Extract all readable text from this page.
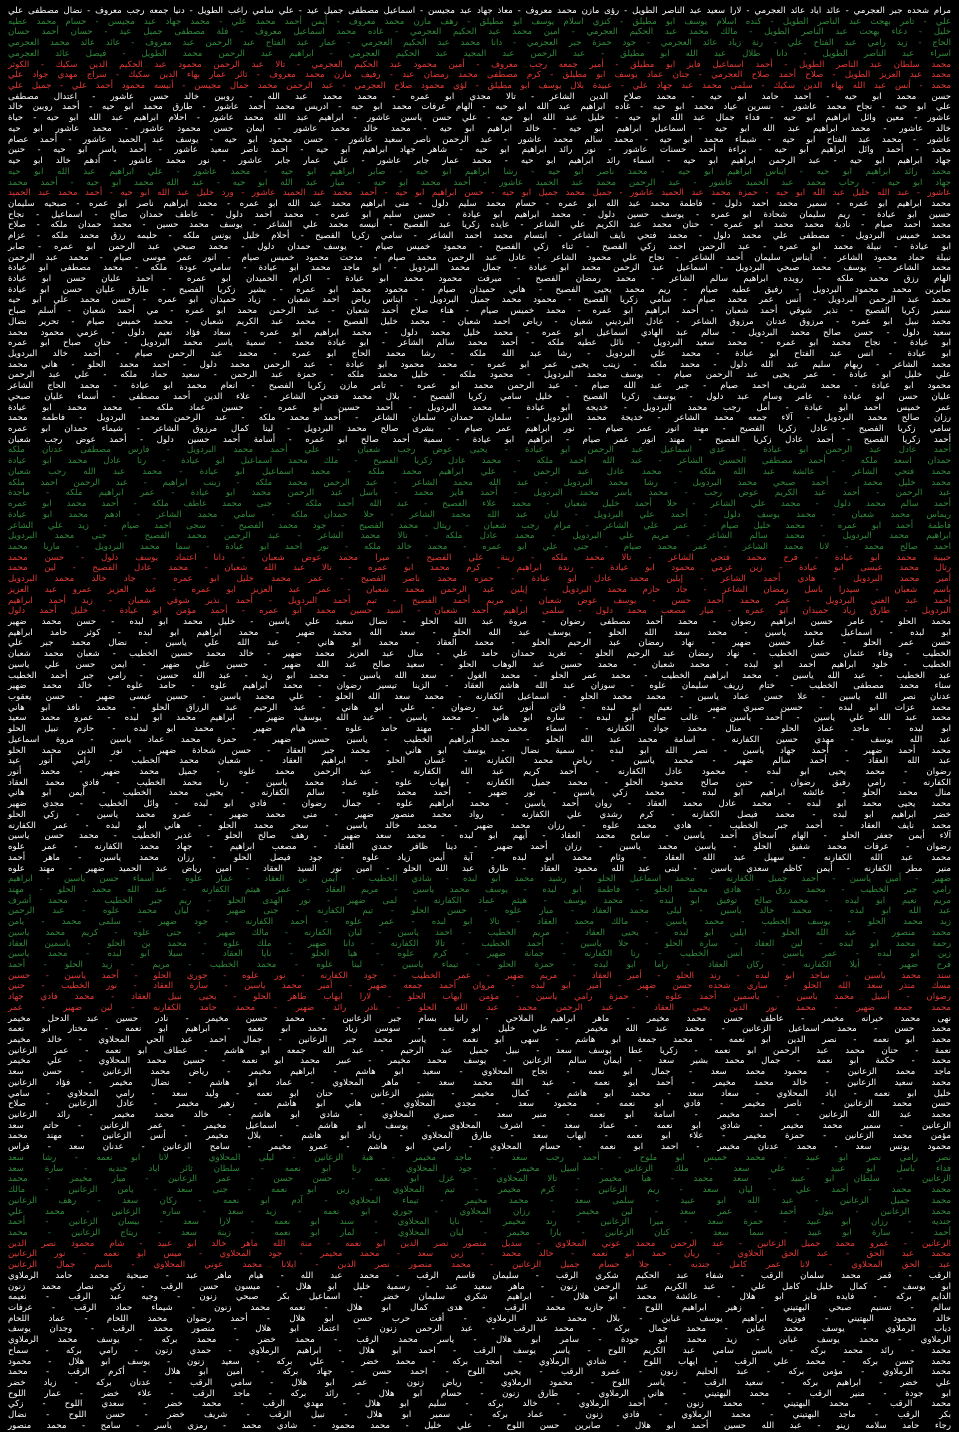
مرام شحده جبر العجرمي - عائد اياد عائد العجرمي - لارا سعيد عبد الناصر الطويل - رؤى مازن محمد معروف - معاذ جهاد عبد مجيسن - اسماعيل مصطفى جميل عيد - علي سامي راغب الطويل - دنيا جمعه رجب معروف - نضال مصطفى علي
علي - تامر بهجت عبد الناصر الطويل - كنده اسلام يوسف ابو مطيلق - كنزي اسلام يوسف ابو مطيلق - رهف مازن محمد معروف - أيمن أحمد محمد علي - محمد جهاد عبد مجيسن - حسام محمد عطيه
خليل - دعاء بهجت عبد الناصر الطويل - مالك محمد عبد الحكيم العجرمي - امين محمد عبد الحكيم العجرمي - غاده محمد اسماعيل معروف - فلة مصطفى جميل عيد - حسان أحمد حسان
الحاج - زيد رامي عبد الفتاح علي - رنة زياد عائد العجرمي - جود حمزة جبر العجرمي - دانا محمد عبد الحكيم العجرمي - عمار عبد الفتاح عبد الرحمن عبد معروف - عائد عائد محمد العجرمي
اسراء عبد الناصر الطويل - دانا طلال عبد الله ابو مطيلق - عبد الرحمن عبد المجيد عبد الحكيم العجرمي - ابراهيم عبد الرحمن محمد الطويل - فيصل عائد العجرمي
محمد سلطان عبد الناصر الطويل - أحمد اسماعيل فايز ابو مطيلق - أمير جمعه رجب معروف - أمين محمود عبد الحكيم العجرمي - تالا عبد الرحمن محمود عبد الحكيم الدين سكيك - الكوثر
محمد عبد العزيز الطويل - صلاح أحمد صلاح العجرمي - جنان عماد يوسف ابو مطيلق - كرم مصطفى محمد رمضان عيد - رفيف مازن محمد معروف - ثائر عمار بهاء الدين سكيك - سراج مهدي جواد علي
محمد - أنس عبد الله بهاء الدين سكيك - سلمى محمد عبد جهاد علي - عبيدة بلال يوسف ابو مطيلق - لؤي محمود صلاح العجرمي - عبد الرحمن محمد جمال مجيسن - أنيسه محمود أحمد علي - جميل علي
حسن محمد ابو حيه - احمد حامد ابو حيه - محمد صلاح الدين الشاعر - تالا مجدي ابو عمره - محمد محمد عبد الله - روبين خالد حسن عاشور - اعتدال مصطفى
علي ابو حيه - نجاح محمد عاشور - نسرين عياد محمد ابو حيه - غاده ابراهيم عبد الله ابو حيه - الهام عرفات محمد ابو حيه - ادريس محمد أحمد عاشور - طارق محمد ابو حيه - أحمد روبين خالد
عاشور - معين وائل ابراهيم ابو حيه - فداء جمال عبد الله ابو حيه - خليل عبد الله ابو حيه - علي حسن ياسين عاشور - ابراهيم عبد الله محمد عاشور - احلام ابراهيم عبد الله ابو حيه - حياة
خالد عاشور - محمد ابراهيم عبد الله ابو حيه - اسماعيل ابراهيم ابو حيه - خالد ابراهيم ابو حيه - محمد خالد محمد عاشور - ايمان حسن محمود عاشور - محمد عاشور ابو حيه
عاشور - محمد عبد الفتاح ابو حيه - شيماء محمد ابو حيه - محمد سالم محمد عاشور - عبد الرحمن ناصر سعيد عاشور - حسن محمود ابو حيه - يوسف عبد الحميد عاشور - أحمد عصام
محمد - أحمد وائل ابراهيم ابو حيه - براءة أحمد حسنات عاشور - نور رائد ابراهيم ابو حيه - شاهر جهاد ابراهيم ابو حيه - احمد ناصر سعيد عاشور - أحمد ياسر ابو حيه - حنين
جهاد ابراهيم ابو حيه - عبد الرحمن ابراهيم ابو حيه - اسماء رائد ابراهيم ابو حيه - محمد عمار جابر عاشور - علي عمار جابر عاشور - نور محمد عاشور - أدهم خالد ابو حيه
محمد رائد ابراهيم ابو حيه - ايناس ابراهيم ابو حيه - محمد ناصر ابو حيه - رشا ابراهيم ابو حيه - صابر ابراهيم ابو حيه - محمد عاشور - علي ابراهيم عبد الله ابو حيه
جهاد ابو حيه - رحاب محمد عبد الحميد عاشور - عبد الرحمن محمد عبد الحميد عاشور - أحمد محمد ابو حيه - ميار عبد الله ابو حيه - عبد الله محمد ابو حيه - أحمد محمد
عاشور - عبد الله خليل عبد الله ابو حيه - حمزة محمد عبد الحميد عاشور - جميل محمد جميل ابو حيه - حسن ابراهيم ابو حيه - أحمد محمد عبد الحميد عاشور - ورد خليل عبد الله ابو حيه - أحمد محمد عبد الحميد
محمد ابراهيم ابو عمره - سمير محمد احمد دلول - فاطمة محمد عبد الله ابو عمره - حسام محمد سليم دلول - منى ابراهيم محمد عبد الله ابو عمره - محمد ابراهيم ناصر ابو عمره - صبحيه سليمان
حسين ابو عيادة - ريم سليمان شحادة ابو عمره - يوسف حسين دلول - محمد ابراهيم ابو عيادة - حسين سليم ابو عمره - محمد احمد دلول - عاطف حمدان صالح - اسماعيل - نجاح
محمد احمد صيام - نادية محمد محمد ابو عمره - حنان محمد عبد الكريم علي الشاعر - عايده زكريا عبد الفصيح - أنيسه محمد علي الشاعر - يوسف محمد حسين - محمد حمدان ملكه - صلاح
محمد خميس البردويل - مصطفى علي محمد دلول - محمد فتحي نايف الشاعر - ابتسام محمد احمد الشاعر - سامي زكريا الفصيح - أحلام خليل يونس ملكه - حليمه رزق محمد ملكه - عزام
ابو عيادة - نبيلة محمد ابو عمره - عبد الرحمن احمد زكي الفصيح - ثناء زكي الفصيح - محمود خميس صيام - يوسف حمدان دلول - محمد صبحي عبد الرحمن ابو عمره - صابر
نبيلة حماد محمود الشاعر - ايناس سليمان أحمد الشاعر - نجاح علي محمود الشاعر - عادل عبد الرحمن محمد صيام - مدحت محمود خميس صيام - انور عمر موسى صيام - محمد عبد الرحمن
محمد الشاعر - يوسف محمد صبحي البردويل - اسماعيل عبد الرحمن محمد ابو عيادة - جمال محمد البردويل - ابو ماجد محمد ابو عيادة - سامي عودة ملكه - محمد مصطفى ابو عيادة
الهام رزق محمد ملكه - رويده ابراهيم سالم الشاعر - محمد رمضان الفصيح - ميرفت محمود محمد ابو عيادة - اكرام الحميدان ابو عمره - احمد عليان حسن ابو عيادة
صابرين محمد محمود البردويل - رفيق عطيه صيام - ريم محمد يحيى الفصيح - هاني حميدان صيام - محمود محمد ابو عمره - بشير زكريا الفصيح - طارق عليان حسن ابو عيادة
محمد عبد الرحمن البردويل - أنس عمر محمد صيام - سامي زكريا الفصيح - محمود محمد جميل البردويل - ايناس رياض احمد شعبان - زياد حميدان ابو عمره - حسن محمد علي ابو حيه
سمير زكريا الفصيح - نذير شوقي أحمد شعبان - أحمد ابراهيم ابو عمره - محمد خميس صيام - هناء صلاح أحمد شعبان - عبد الرحمن محمد ابو عمره - مي أحمد شعبان - أسلم صباح
محمد نبيل ابو عمره - مرزوق عدنان مرزوق الشاعر - عادل البرديني شعبان - رياض احمد شعبان - محمد خليل الفصيح - محمد عبد الكريم شعبان - محمد خميس صيام - تحرير نضال
سعيد دلول - حسن صالح محمد البردويل - سالم عبد الهادي اسماعيل ابو عمره - محمد خليل محمد دلول - محمد ابراهيم ابو عمره - سعاد فؤاد نعيم دلول - عزمي محمود محمد
ابو عيادة - نجاح محمد ابو عمره - محمد سعيد البردويل - نائل عطيه ملكه - أحمد محمد سالم الشاعر - ابو عيادة محمد - سمية ياسر محمد البردويل - حنان صباح ابو عمره
ابو عيادة - انس عبد الفتاح ابو عيادة - محمد علي البردويل - رشا عبد الله ملكه - رشا محمد الحاج ابو عمره - محمد عبد الرحمن صيام - أحمد خالد البردويل
محمد الشاعر - ريهام سليم عبد الله دلول - محمد ملكه - زينب يحيى عمر ابو عمره - محمد محمود ابو عيادة - عبد الرحمن محمد دلول - احمد محمد الحلو - هاني محمد
علي خليل ابو عيادة - عمر يحيى عبد الرحمن صيام - يوسف محمد البردويل - محمود ملكه - خليل محمد ملكه - حمزة عبد الرحمن - سعيد حماد ملكه - علي عبد الرحمن
محمود ابو عيادة - محمد شريف احمد صيام - جبر عبد الله صيام - عبد الرحمن محمد ابو عمره - تامر مازن زكريا الفصيح - انعام محمد ابو عيادة - محمد الحاج الشاعر
عليان حسن ابو عيادة - عامر وسام عبد دلول - يوسف زكريا الفصيح - خليل سامي زكريا الفصيح - بلال محمد فتحي الشاعر - علاء الدين أحمد مصطفى - أسماء عليان صبحي
عمر خميس احمد ابو عيادة - أمل رجب محمد البردويل - خديجه ابو عيادة - محمد البردويل - أحمد حسين ابو عمره - حسين عماد ملكه - محمد محمد ابو عيادة
رزان صالح محمد البردويل - آلاء جمعه محمد الشاعر - خديجة محمد البردويل - سلمان حمدان سلمان الشاعر - أحمد محمد ملكه - عبد الرحمن محمد البردويل - فاطمه محمد
سامي زكريا الفصيح - عادل زكريا الفصيح - مهند انور عمر صيام - نور ابراهيم عمر صيام - بشرى صالح محمد البردويل - لينا كمال مرزوق الشاعر - شيماء حمدان ابو عمره
أحمد زكريا الفصيح - أحمد عادل زكريا الفصيح - مهند انور عمر صيام - ابراهيم ابو عيادة - سمية أحمد صالح ابو عمره - أسامة أحمد حسين دلول - أحمد عوض رجب شعبان
أحمد عادل عبد الرحمن ابو عيادة - عدي اسماعيل عبد الرحمن ابو عيادة - يحيى عوض رجب شعبان - علي أحمد محمد البردويل - فارس مصطفى عدنان ملكه
حمدان اسعد ملكه - أحمد مصطفى الحسين الشاعر - عبد الله احمد ملكه - محمد عادل زكريا الفصيح - ملك محمد اسماعيل ابو عيادة - رنا عادل محمد ابو عيادة
محمد فتحي الشاعر - عائشة عبد الله ملكه - محمد عادل عبد الرحمن - علي ابراهيم محمد ملكه - محمد اسماعيل ابو عيادة - محمد عبد الله رجب شعبان
محمد خليل محمد - أحمد صبحي محمد البردويل - رشا محمد البردويل - عبد الله محمد الشاعر - عبد الرحمن محمد ملكه - زينب ابراهيم - عبد الرحمن احمد ملكه
عبد الرحمن - أحمد عبد الكريم عوض رجب - محمد ياسر محمد البردويل - أحمد فايز محمد - باسل عبد الرحمن محمد ابو عيادة - عمر ابراهيم ملكه - ماجدة
أحمد سالم محمد دلول - محمد علي الشاعر - حلا أحمد خليل شعبان - محمد علاء الفصيح - عبد الله أحمد ملكه - جنى محمد عاطف ملكه - أحمد محمد ابو عمره
ريماس محمد شعبان - محمد يوسف دلول - أحمد علي البردويل - ليان عبد الله محمد الشاعر - حلا حمدان ملكه - سامي محمد الشاعر - ادهم محمد ابو عيادة
فاطمة أحمد ابو عمره - محمد خليل صيام - عمر علي الشاعر - مرام رجب شعبان - ريتال محمد الفصيح - جود محمد الفصيح - سجى احمد صيام - زيد علي الشاعر
ابراهيم محمد البردويل - محمد سالم الشاعر - مريم علي البردويل - محمد عادل ملكه - تالا محمد الشاعر - عبد الرحمن محمد الفصيح - جنى محمد البردويل
احمد صالح محمد - لانا محمد الشاعر - عمر محمد صيام - جنى علي ابو عمره - محمد خالد ملكه - نور احمد ابو عيادة - سما محمد البردويل - ماريا محمد
حبيبة محمد ابو عيادة - فرح محمد فتحي الشاعر - تالا محمد ملكه - زينة علي الفصيح - ميرا محمد عوض شعبان - دانا اعتماد يوسف دلول - حسن محمد
رتال محمد عيسى ابو عيادة - زين عزمي محمود ابو عيادة - رندة ابراهيم - كرم محمد ابو عمره - تالا عبد الله شعبان - محمد عادل الفصيح - لين محمد
أمير محمد البردويل - هادي أحمد الشاعر - إيلين محمد عادل ابو عيادة - حمزه محمد ناصر الفصيح - عمر محمد خليل ابو عمره - جاد خالد محمد البردويل
باسم شعبان - سيدرا باسل رمضان الشاعر - جاد حازم محمد البردويل - إيلين عبد الرحمن محمد شعبان - عمر عبد العزيز ابو عمره - عبد العزيز عمرو عبد العزيز
أحمد عبد الغني البردويل - عمر محمد أحمد حسن - يوسف عوض شعبان - مريم أحمد الفصيح - تيم أحمد البردويل - أحمد نذير شوقي شعبان - زيد أحمد ابراهيم
البردويل - طارق زياد حميدان ابو عمره - ميار مصعب محمد دلول - سلمى ابراهيم أحمد شعبان - أسيد حسين محمد ابو عمره - أحمد مؤمن ابو عيادة - خليل أحمد دلول
محمد الحلو - عامر حسين ابراهيم رضوان - محمد أحمد مصطفى رضوان - مروة عبد الله الحلو - نضال سعيد علي ياسين - خليل محمد ابو لبده - حسن محمد ضهير
ابو لبده - اسماعيل محمد ياسين - محمد سعد الله الحلو - يوسف عبد الله الحلو - سعد الله محمد ضهير - محمد ابراهيم ابو لبده - كوثر حامد ابراهيم
حسن عمر الحلو - عمار حسين ضهير - نهاد رمضان عبد الرحيم الحلو - محمد العقاد - محمد ابو هاني - عبد الله علي ياسين - نضال محمد جبر علي
الخطيب - وفاء عثمان حسن الخطيب - نهاد رمضان عبد الرحيم الحلو - تغريد حمدان حامد علي - منال عبد العزيز محمد ضهير - خالد محمد حسين الخطيب - شعبان محمد شعبان
الخطيب - خلود ابراهيم احمد ابو لبده - محمد شعبان - محمد حسين عبد الوهاب الحلو - سعيد صالح عبد الله ضهير - حسين علي ضهير - ايمن حسن علي ياسين
عبد الخطيب - عبد الله ياسين - محمد ابراهيم الخطيب - محمد عمر الحلو - محمد الغول - سعد الله ياسين - محمد ابو زيد - عبد الله حسين - رامي جبر أحمد الخطيب
سناء محمد مصطفى الخطيب - ختام زريف سليمان علوه - سوزان عبد الله هاشم العقاد - الزينا تيسير رضوان - محمد ابراهيم علوه - حامد علوه - خالد محمد ضهير
عدنان نصر الله ياسين - علا حسن عماد ياسين - محمد محمد الحلو - اسماعيل الكفارنه - محمد سعد الله الحلو - علي محمد ياسين - حسين عيسى ضهير - حسن يعقوب
محمد عزات ابو لبده - حسين صبري ضهير - نعيم ابو لبده - فاتن أنور عيد رضوان - علي ابو هاني - عبد الرحيم عبد الرزاق الحلو - محمد نافذ ابو هاني
محمد عبد الله علي ياسين - أحمد ياسين - غالب صالح ابو لبده - ساره ابو هاني - محمد ياسين - عبد الله يوسف ضهير - ابراهيم محمد ابو لبده - عمرو محمد سعيد
ابو لبده - ماجد عماد الحلو - منال محمد جواد الكفارنه - اسماء محمد الحلو - مهند حامد علوه - هيام ضهير - محمد ابو لبده - حازم نبيل الحلو
عبد الله يوسف - مهدي حسين الكفارنه - اسامة محمد عبد الله الحلو - محمد ابراهيم الخطيب - ياسين حسين ضهير - حمزة محمد عماد ياسين - مروة اسماعيل
محمد أحمد ضهير - أحمد جهاد ياسين - نصر الله ابو لبده - سمية نضال - يوسف ابو هاني - محمد جبر العقاد - حسن شحادة ضهير - نور الدين محمد الحلو
عبد الله العقاد - أحمد سالم ضهير - محمد ياسين - رياض محمد الكفارنه - غسان الحلو - ابراهيم العقاد - شعبان محمد الخطيب - رامي أنور عيد
رضوان - محمد يحيى ابو لبده - محمود عادل الكفارنه - أحمد كريم عبد الله الكفارنه - عبد الرحمن محمد علوه - جميل محمد ضهير - محمد أنور
الكفارنه - رامي رفيق رضوان - حنين صالح محمود الحلو - محمد جميل الكفارنه - ايهاب علوه - عماد محمد ياسين - رنا محمد الخطيب - فادي محمد العقاد
منال محمد الحلو - عائشه ابراهيم ابو لبده - محمد زكي ياسين - نور ضهير - أحمد محمد علوه - سالم الكفارنه - يحيى محمد الخطيب - أيمن ابو هاني
محمد يحيى محمد ابو لبده - محمد عادل محمد العقاد - روان أحمد ياسين - محمد ابراهيم علوه - جمال رضوان - فادي ابو لبده - وائل الخطيب - مجدي ضهير
خضر ابراهيم ابو لبده - محمد فيصل الكفارنه - كرم رشدي علي الكفارنه - رواد محمد منصور ضهير - منى محمد ضهير - عمرو محمد ياسين - زكي الحلو
محمد نايف العقاد - أحمد جبر الخطيب - هادي محمد علوه - رزان محمد ضهير - محمد خالد ياسين - سحر محمد الحلو - هاني ابو لبده - عمر الكفارنه
آلاء أيمن جعفر الحلو - الهام اسحاق أحمد ياسين - سامح محمد العقاد - أيهم ابو لبده - محمد سعد ضهير - رهف صالح الحلو - غدير الخطيب - محمد حسن ياسين
رضوان - عرفات محمد شفيق الحلو - ياسين محمد ياسين - رزان أحمد ضهير - دينا ظافر حمدي العقاد - مصعب ابراهيم - جهاد محمد الكفارنه - عمر علوه
محمد عبد الله الكفارنه - سهيل عبد الله العقاد - وئام محمد ابو لبده - آية أيمن زياد علوه - جود فيصل الحلو - رزان محمد ياسين - ماهر أحمد
منير مطر الكفارنه - أيمن كاظم سعدي ياسين - لبنى عبد الله محمود العقاد - طارق عبد الله الحلو - امين نور السيد العقاد - امين رياض عبد الحميد ضهير - مهند علوه
ضهير - أمين ياسين - أحمد جميل الكفارنه - محمد اسماعيل الحلو - رشيد محمد ابو لبده - شادي الخطيب - أيمن بن العقاد - عمار علوه - أسماء حسن ياسين - ابراهيم
رامي جبر الخطيب - محمد رزق - هادي محمد الحلو - فاطمة ابو لبده - يوسف محمد ياسين - مريم العقاد - عمر هيثم الكفارنه - عبد الله محمد الحلو - مهند
مريم نعيم ابو لبده - محمد صالح توفيق ابو لبده - محمد يوسف - هيثم عماد الكفارنه - لمى ضهير - نور الهدى الحلو - ريم جبر الخطيب - محمد أشرف
عبد الله ابو لبده - محمد خالد ياسين - ليلى محمد العقاد - ميار علوه - حسن الحلو - تيم الكفارنه - جنى ضهير - ليان محمد علوه - عبد الرحمن
زيد محمد الحلو - يوسف الخطيب - محمد ياسين - مالك محمد العقاد - تالا ابو لبده - عمر علوه - أحمد الكفارنه - جود ضهير - سلمى محمد - يامن
محمد منصور - عبد الله الحلو - ايلين ابو لبده - يحيى العقاد - مريم الخطيب - احمد ياسين - ليان الكفارنه - مالك ضهير - جنى علوه - كريم محمد ياسين
رحمة محمد ابو لبده - لين العقاد - سارة الحلو - حلا ياسين - أحمد الخطيب - تالا الكفارنه - دانا ضهير - ملك علوه - محمد بن الحلو - ياسمين العقاد
زين ابو لبده - عمر ياسين - أنس الخطيب - رنا الكفارنه - جمانة ضهير - كرم علوه - هيا الحلو - نايا العقاد - سيلا ابو لبده - محمد ياسين
فرح ضهير - أيلا الكفارنه - ركان العقاد - راما ابو لبده - حمزة الحلو - تيماء ياسين - لينا علوه - محمد الخطيب - مريم - زيد الحلو - أحمد
سند محمد ياسين - ساجد ابو لبده - رند الحلو - أمير العقاد - مريم ضهير - عمر الخطيب - جود الكفارنه - نور علوه - جوري الحلو - أحمد ياسين - حسين
مسك منذر سعد الله الحلو - ساري شحده حسن ضهير - أمير ابو لبده - مروان أحمد جمعه ضهير - أمير محمد ياسين - سارة العقاد - نور الخطيب - حنين
رضوان - أسيل محمد ياسين - ياسمين أحمد علوه - حمزة رامي ياسين - مؤمن ايهاب الحلو - لارا ايهاب طاهر الحلو - يحيى نبيل العقاد - محمد فادي جهاد
محمد جمعه ضهير - محمد نور الدين يحيى العقاد - عبد الرحمن محمد عبد الله الحلو - نادر رائد ضهير - محمد حامد الكفارنه - لين ضهير - عمر
نهى محمد خيرانه مخيمر - عاطف حسن محمد مخيمر - ماهر ابراهيم الملاحي - رانيا بسام جبر الزعانين - محمد حسين مخيمر - نادر حسين عبد الدحل مخيمر
محمد حسن - محمد اسماعيل الزعانين - محمد عبد الله مخيمر - علي خليل ابو نعمه - سوسن زياد محمد ابو نعمه - ابراهيم ابو نعمه - مختار ابو نعمه
محمد ابو نعمه - نصر الدين ابو نعمه - محمد جمعة ابو هاشم - سهى ابو نعمه - ياسر محمد جبر الزعانين - جمال احمد عبد الحي المحلاوي - خالد مخيمر
نعمة - حنان محمد عبد الرحمن ابو نعمه - زكريا عطا يوسف سعد - نبيل جميل عبد الرحيم - عبد الله جمعه ابو هاشم - عطاف ابو نعمه - عمر الزعانين
محمد - حكمة ابو نعمه - جمال محمد بشير سعد - ايمان سالم الزعانين - يوسف محمد مخيمر - عبير محمد ابو نعمه - حسين محمد المحلاوي - علي مخيمر
ماجد محمد الزعانين - محمود محمد سعد - جمال ابو نعمه - نجاح المحلاوي - سعيد ابو هاشم - ابراهيم مخيمر - رياض محمد الزعانين - حسن سعد
محمد سعيد الزعانين - خالد محمد مخيمر - أحمد ابو نعمه - عبد الله محمد سعد - ماهر المحلاوي - عماد ابو هاشم - نضال مخيمر - فؤاد الزعانين
خليل ابو نعمه - اياد المحلاوي - سعاد سعد - محمد ابو هاشم - كمال مخيمر - بشير الزعانين - حنان ابو نعمه - وليد سعد - رامي المحلاوي - سامي
حسن محمد الزعانين - ناصر مخيمر - فادي ابو نعمه - محمود سعد - مجدي المحلاوي - هاني ابو هاشم - زهير مخيمر - عادل الزعانين - صلاح
محمد عبد الله الزعانين - أحمد مخيمر - اسامة ابو نعمه - منير سعد - صبري المحلاوي - شادي ابو هاشم - خالد محمد مخيمر - رائد الزعانين
الزعانين - سمير محمد مخيمر - شادي ابو نعمه - عماد سعد - اشرف المحلاوي - يوسف ابو هاشم - اسماعيل مخيمر - عمر الزعانين - حاتم سعد
مؤمن محمد الزعانين - حمزة مخيمر - علاء ابو نعمه - ايهاب سعد - طارق المحلاوي - زياد ابو هاشم - بلال مخيمر - أنس الزعانين - مهند محمد
محمود يونس سعد - محمد عدنان مخيمر - احمد ابو نعمه - حسام المحلاوي - رامي ابو هاشم - عمرو مخيمر - سامح الزعانين - عدنان سعد - فراس
نصر رامي نصر ابو عبيد - محمد خميس ابو ملوح - أحمد رجب سعد - ماجد مخيمر - هبة الزعانين - ليلى المحلاوي - لانا ابو نعمه - رشا سعد
فداء باسل ابو عبيد - علي سعد - ملك الزعانين - أسيل مخيمر - جود المحلاوي - رنا ابو نعمه - سلطان ثائر اياد جنديه - سارة سعد
الزعانين - سلطان ابو عبيد - سعد محمد - هيا مخيمر - تالا المحلاوي - غزل ابو نعمه - حسن حسن - عمر الزعانين - ميار مخيمر - محمد
محمد محمد - أحمد علي - ليان سعد - ريم الزعانين - كرم مخيمر - تيم المحلاوي - زين ابو نعمه - جنى سعد - يامن الزعانين - مالك
محمد جميل الزعانين - عبد الله ابو عبيد - سلمى سعد - محمد مخيمر - تيماء المحلاوي - آدم ابو نعمه - ركان سعد - رهف الزعانين
محمد الزعانين - بتول أحمد - عمر سعد - لين مخيمر - رزان المحلاوي - جوري ابو نعمه - زيد سعد - ساره الزعانين - محمد علي
جنديه - رزان ابو عبيد - حمزة سعد - ميرا الزعانين - رند مخيمر - نايا المحلاوي - سند ابو نعمه - لارا سعد - بيسان الزعانين - أحمد
أحمد - سارة ابو عبيد - سما سعد - كنان الزعانين - يارا مخيمر - ليان المحلاوي - لمار ابو نعمه - زينة سعد - ريتاج الزعانين - محمد
الزعانين - عمرو محمد جميل الزعانين - عبد الرحمن محمد عوني المحلاوي - سديل منصور نصر الدين ابو نعمه - منة الله ماهر خالد ابو عبيد - شام محمود نصر الدين
محمد عبد الحق - عبد الحق الحلاوي - ريان حمد ابو نعمه - خالد محمد - زين سعد - محمد مخيمر - جود المحلاوي - ميس ابو نعمه - نور الزعانين
عبد الحق المحلاوي - لانا عمر كامل جنديه - جلا حسام جميل الزعانين - محمد منصور نصر الدين - ايلانا محمد عوني المحلاوي - باسم جمال الزعانين
الرقب - قمر محمد سلمان الرقب - شفاء عبد الحكيم شكري الرقب - سليمان قاسم الرقب - محمد عبد الله - هيام ماهر عبد - صبحية محمد حامد الرملاوي
ابو يوسف - كمال خليل كامل علي - عبد الكريم عبد الرحمن زنون - ماهر سعيد عبد - رسمية خليل ابو هلال - ميسون حسن الرقب - زكي نصار محمد زنون
الدايم بركه - فايده فايز ابو هلال - عائشة محمد ابو هلال - ابراهيم شكري سليمان خضر - اسماعيل بكر صبحي زنون - وجيه عبد الرقب - نعيمه
سالم - تسنيم صبحي البهتيني - زهير ابراهيم اللوح - جازيه محمد الرقب - هدى كمال ابو هلال - نعمه محمد زنون - شيماء حماد الرقب - عرفات
خالد محمود البهتيني - فوزيه ابراهيم يوسف غباين - بلال محمد عيد الرملاوي - أفت حرب حسن ابو هلال - أحمد رضوان محمد اللحام - عماد اللحام
دياب الرملاوي - يوسف محمد غباين - محمد جمال بركه - محمد الرقب - عبد الرحمن زنون - اعتماد ابو هلال - منصور محمد الرقب - وجدان يوسف
الرملاوي - محمد يوسف غباين - زيد محمد ابو جودة - سامر ابو هلال - ياسر محمد الرقب - محمد خضر - محمد بركه - يوسف محمد الرملاوي
محمد - رائد محمد بركه - ياسين سامي عبد الكريم اللوح - ياسر يوسف الرقب - احمد ابو هلال - ابراهيم الرملاوي - حمدي زنون - رامي بركه - سماح
محمد حسن بركه - محمد علي الرقب - ايهاب اللوح - شادي الرملاوي - أمجد بركه - محمد خضر - علي بركه - سعيد زنون - يوسف ابو هلال - محمود
محمد الرملاوي - مؤمن بركه - عبد الحليم زنون - عمرو الرقب - يحيى اللوح - احمد حسن - جهاد بركه - امين ابو هلال - أكرم الرقب - محمد
علي خضر - ابراهيم بركه - سعيد الرقب - ياسر اللوح - محمود الرملاوي - رياض زنون - عمر ابو هلال - سامي الرقب - عدنان بركه - زياد خضر
ابو جودة - منير الرقب - محمد البهتيني - هاني الرملاوي - طارق زنون - حسام ابو هلال - رائد بركه - ماجد الرقب - علاء خضر - عمار اللوح
محمد الرقب - محمد البهتيني - محمد زنون - أحمد الرملاوي - خالد بركه - سليم ابو هلال - مهدي الرقب - محمد خضر - سعدي اللوح - زكي
بكر الرقب - ماجد البهتيني - محمد الرملاوي - فادي زنون - عماد بركه - سمير ابو هلال - نبيل الرقب - شريف خضر - حسن اللوح - نضال
رجاء حامد سلامه زينو - عبد الله حسين أحمد ابو هلال - صابرين حسن اللوح - علي خليل - محمد محمود - شادي محمد - رمزي ياسر - سامح - محمد منصور
